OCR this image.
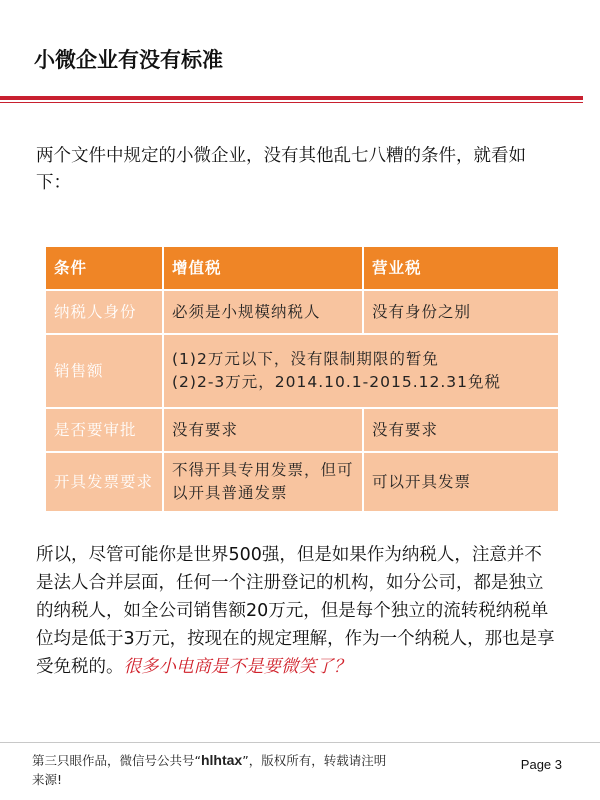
小微企业有没有标准
两个文件中规定的小微企业，没有其他乱七八糟的条件，就看如下：
条件	增值税	营业税
纳税人身份	必须是小规模纳税人	没有身份之别
销售额	(1)2万元以下，没有限制期限的暂免
(2)2-3万元，2014.10.1-2015.12.31免税	

是否要审批	没有要求	没有要求
开具发票要求	不得开具专用发票，但可以开具普通发票	可以开具发票
所以，尽管可能你是世界500强，但是如果作为纳税人，注意并不是法人合并层面，任何一个注册登记的机构，如分公司，都是独立的纳税人，如全公司销售额20万元，但是每个独立的流转税纳税单位均是低于3万元，按现在的规定理解，作为一个纳税人，那也是享受免税的。很多小电商是不是要微笑了？
第三只眼作品，微信号公共号“hlhtax”，版权所有，转载请注明来源!
Page 3
